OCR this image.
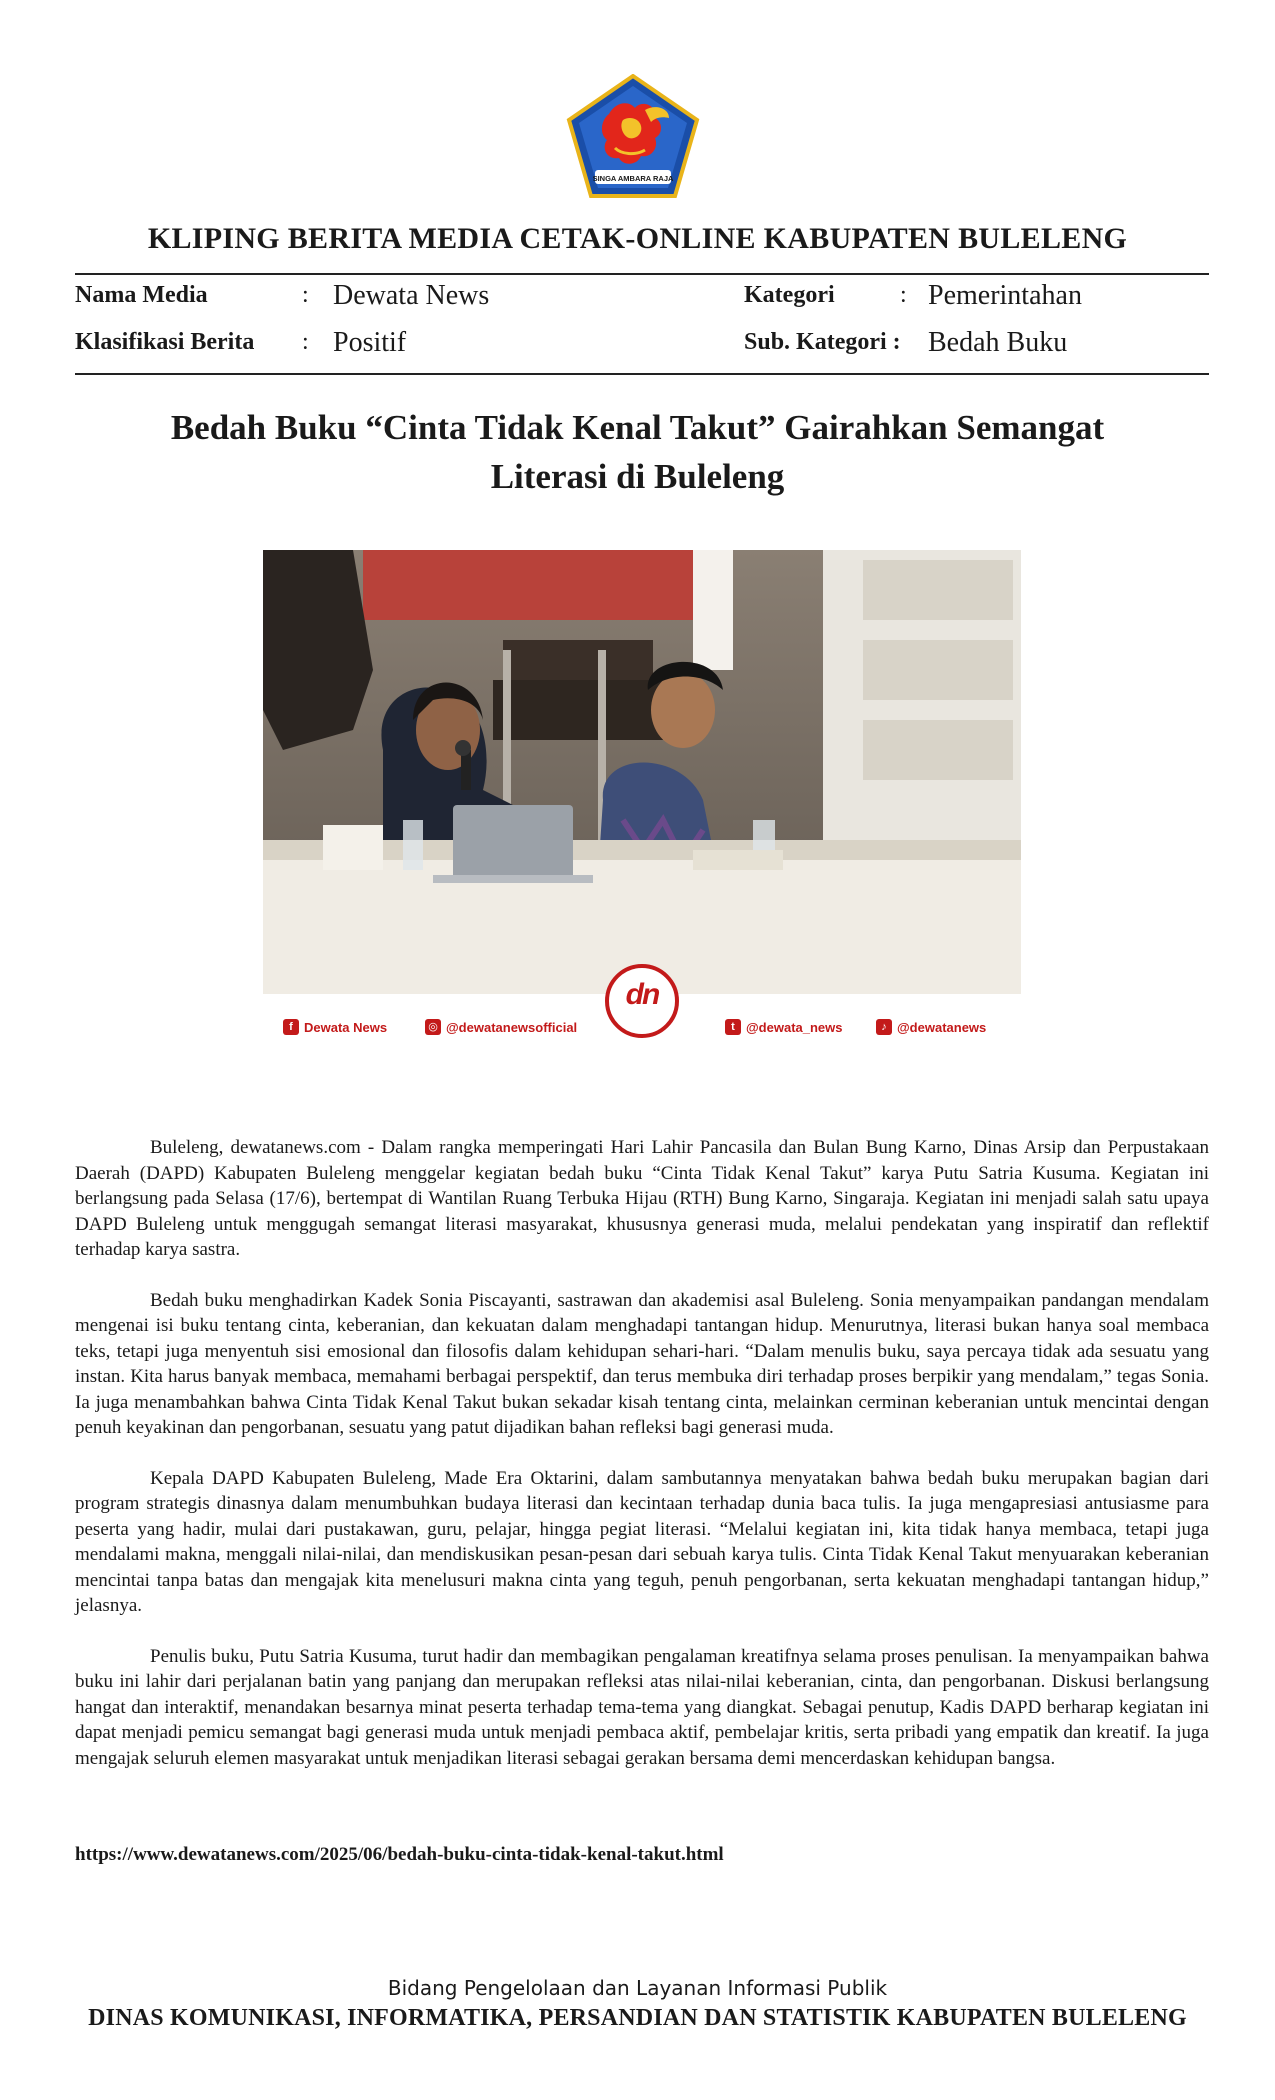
SINGA AMBARA RAJA
KLIPING BERITA MEDIA CETAK-ONLINE KABUPATEN BULELENG
Nama Media	: Dewata News
Klasifikasi Berita : Positif
Kategori	: Pemerintahan
Sub. Kategori : Bedah Buku
Bedah Buku “Cinta Tidak Kenal Takut” Gairahkan Semangat
Literasi di Buleleng
dn
f Dewata News	◎ @dewatanewsofficial	t @dewata_news	♪ @dewatanews

Buleleng, dewatanews.com - Dalam rangka memperingati Hari Lahir Pancasila dan Bulan Bung Karno, Dinas Arsip dan Perpustakaan Daerah (DAPD) Kabupaten Buleleng menggelar kegiatan bedah buku “Cinta Tidak Kenal Takut” karya Putu Satria Kusuma. Kegiatan ini berlangsung pada Selasa (17/6), bertempat di Wantilan Ruang Terbuka Hijau (RTH) Bung Karno, Singaraja. Kegiatan ini menjadi salah satu upaya DAPD Buleleng untuk menggugah semangat literasi masyarakat, khususnya generasi muda, melalui pendekatan yang inspiratif dan reflektif terhadap karya sastra.

Bedah buku menghadirkan Kadek Sonia Piscayanti, sastrawan dan akademisi asal Buleleng. Sonia menyampaikan pandangan mendalam mengenai isi buku tentang cinta, keberanian, dan kekuatan dalam menghadapi tantangan hidup. Menurutnya, literasi bukan hanya soal membaca teks, tetapi juga menyentuh sisi emosional dan filosofis dalam kehidupan sehari-hari. “Dalam menulis buku, saya percaya tidak ada sesuatu yang instan. Kita harus banyak membaca, memahami berbagai perspektif, dan terus membuka diri terhadap proses berpikir yang mendalam,” tegas Sonia. Ia juga menambahkan bahwa Cinta Tidak Kenal Takut bukan sekadar kisah tentang cinta, melainkan cerminan keberanian untuk mencintai dengan penuh keyakinan dan pengorbanan, sesuatu yang patut dijadikan bahan refleksi bagi generasi muda.

Kepala DAPD Kabupaten Buleleng, Made Era Oktarini, dalam sambutannya menyatakan bahwa bedah buku merupakan bagian dari program strategis dinasnya dalam menumbuhkan budaya literasi dan kecintaan terhadap dunia baca tulis. Ia juga mengapresiasi antusiasme para peserta yang hadir, mulai dari pustakawan, guru, pelajar, hingga pegiat literasi. “Melalui kegiatan ini, kita tidak hanya membaca, tetapi juga mendalami makna, menggali nilai-nilai, dan mendiskusikan pesan-pesan dari sebuah karya tulis. Cinta Tidak Kenal Takut menyuarakan keberanian mencintai tanpa batas dan mengajak kita menelusuri makna cinta yang teguh, penuh pengorbanan, serta kekuatan menghadapi tantangan hidup,” jelasnya.

Penulis buku, Putu Satria Kusuma, turut hadir dan membagikan pengalaman kreatifnya selama proses penulisan. Ia menyampaikan bahwa buku ini lahir dari perjalanan batin yang panjang dan merupakan refleksi atas nilai-nilai keberanian, cinta, dan pengorbanan. Diskusi berlangsung hangat dan interaktif, menandakan besarnya minat peserta terhadap tema-tema yang diangkat. Sebagai penutup, Kadis DAPD berharap kegiatan ini dapat menjadi pemicu semangat bagi generasi muda untuk menjadi pembaca aktif, pembelajar kritis, serta pribadi yang empatik dan kreatif. Ia juga mengajak seluruh elemen masyarakat untuk menjadikan literasi sebagai gerakan bersama demi mencerdaskan kehidupan bangsa.

https://www.dewatanews.com/2025/06/bedah-buku-cinta-tidak-kenal-takut.html
Bidang Pengelolaan dan Layanan Informasi Publik
DINAS KOMUNIKASI, INFORMATIKA, PERSANDIAN DAN STATISTIK KABUPATEN BULELENG
